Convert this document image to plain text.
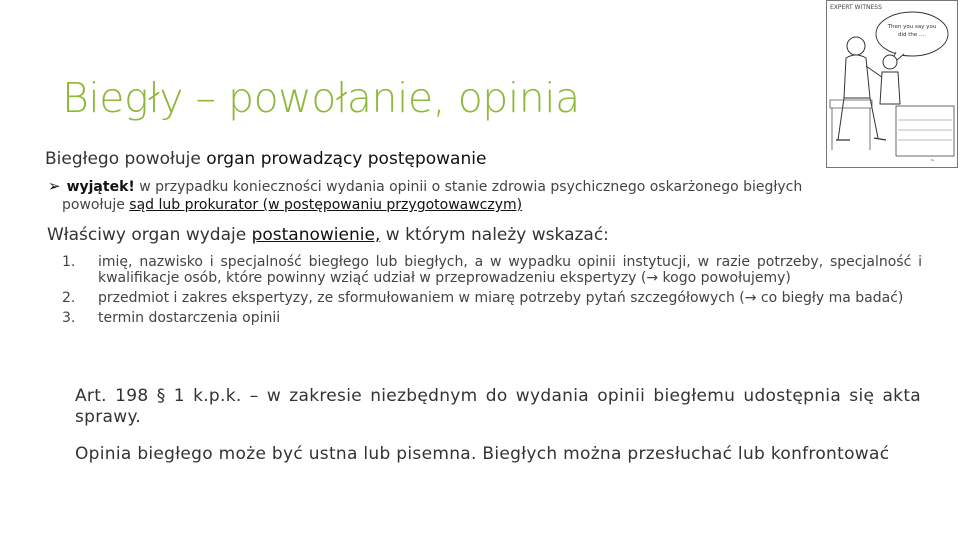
Biegły – powołanie, opinia
EXPERT WITNESS
Then you say you
did the ....
~
Biegłego powołuje organ prowadzący postępowanie
➢ wyjątek! w przypadku konieczności wydania opinii o stanie zdrowia psychicznego oskarżonego biegłych
powołuje sąd lub prokurator (w postępowaniu przygotowawczym)
Właściwy organ wydaje postanowienie, w którym należy wskazać:
1. imię, nazwisko i specjalność biegłego lub biegłych, a w wypadku opinii instytucji, w razie potrzeby, specjalność i kwalifikacje osób, które powinny wziąć udział w przeprowadzeniu ekspertyzy (→ kogo powołujemy)
2. przedmiot i zakres ekspertyzy, ze sformułowaniem w miarę potrzeby pytań szczegółowych (→ co biegły ma badać)
3. termin dostarczenia opinii

Art. 198 § 1 k.p.k. – w zakresie niezbędnym do wydania opinii biegłemu udostępnia się akta sprawy.

Opinia biegłego może być ustna lub pisemna. Biegłych można przesłuchać lub konfrontować
